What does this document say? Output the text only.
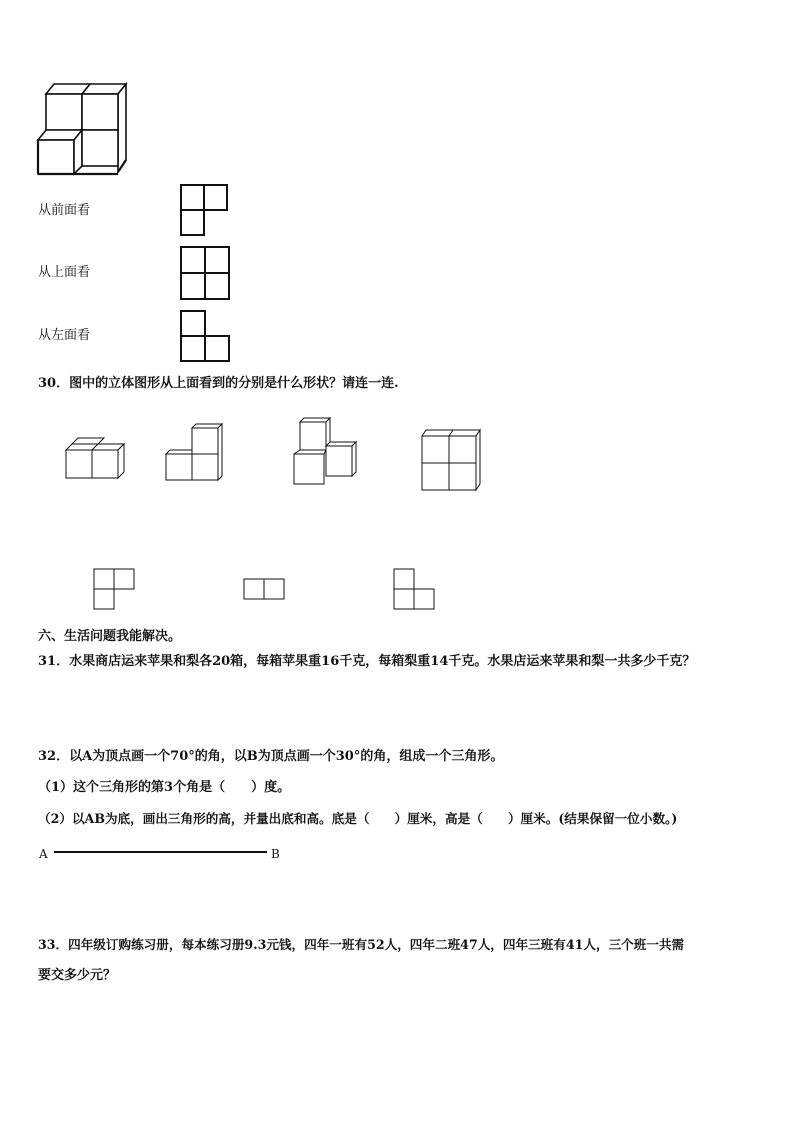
从前面看
从上面看
从左面看
30．图中的立体图形从上面看到的分别是什么形状？请连一连.
六、生活问题我能解决。
31．水果商店运来苹果和梨各20箱，每箱苹果重16千克，每箱梨重14千克。水果店运来苹果和梨一共多少千克？
32．以A为顶点画一个70°的角，以B为顶点画一个30°的角，组成一个三角形。
（1）这个三角形的第3个角是（　　）度。
（2）以AB为底，画出三角形的高，并量出底和高。底是（　　）厘米，高是（　　）厘米。(结果保留一位小数。)
A	B
33．四年级订购练习册，每本练习册9.3元钱，四年一班有52人，四年二班47人，四年三班有41人，三个班一共需
要交多少元？
